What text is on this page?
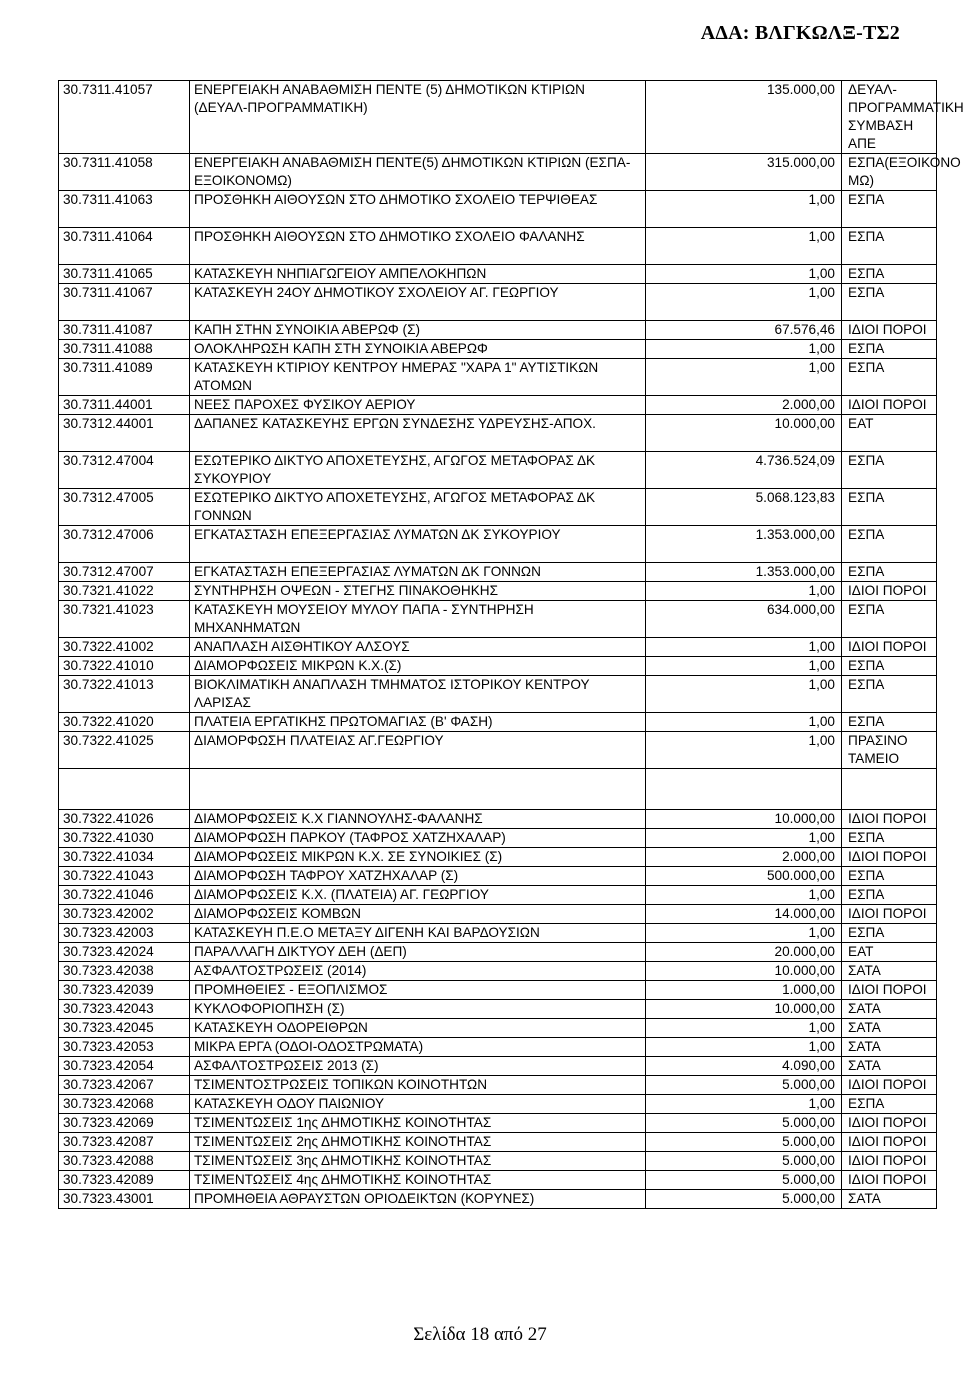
ΑΔΑ: ΒΛΓΚΩΛΞ-ΤΣ2
30.7311.41057	ΕΝΕΡΓΕΙΑΚΗ ΑΝΑΒΑΘΜΙΣΗ ΠΕΝΤΕ (5) ΔΗΜΟΤΙΚΩΝ ΚΤΙΡΙΩΝ (ΔΕΥΑΛ-ΠΡΟΓΡΑΜΜΑΤΙΚΗ)	135.000,00	ΔΕΥΑΛ-ΠΡΟΓΡΑΜΜΑΤΙΚΗ ΣΥΜΒΑΣΗ ΑΠΕ
30.7311.41058	ΕΝΕΡΓΕΙΑΚΗ ΑΝΑΒΑΘΜΙΣΗ ΠΕΝΤΕ(5) ΔΗΜΟΤΙΚΩΝ ΚΤΙΡΙΩΝ (ΕΣΠΑ-ΕΞΟΙΚΟΝΟΜΩ)	315.000,00	ΕΣΠΑ(ΕΞΟΙΚΟΝΟ ΜΩ)
30.7311.41063	ΠΡΟΣΘΗΚΗ ΑΙΘΟΥΣΩΝ ΣΤΟ ΔΗΜΟΤΙΚΟ ΣΧΟΛΕΙΟ ΤΕΡΨΙΘΕΑΣ	1,00	ΕΣΠΑ
30.7311.41064	ΠΡΟΣΘΗΚΗ ΑΙΘΟΥΣΩΝ ΣΤΟ ΔΗΜΟΤΙΚΟ ΣΧΟΛΕΙΟ ΦΑΛΑΝΗΣ	1,00	ΕΣΠΑ
30.7311.41065	ΚΑΤΑΣΚΕΥΗ ΝΗΠΙΑΓΩΓΕΙΟΥ ΑΜΠΕΛΟΚΗΠΩΝ	1,00	ΕΣΠΑ
30.7311.41067	ΚΑΤΑΣΚΕΥΗ 24ΟΥ ΔΗΜΟΤΙΚΟΥ ΣΧΟΛΕΙΟΥ ΑΓ. ΓΕΩΡΓΙΟΥ	1,00	ΕΣΠΑ
30.7311.41087	ΚΑΠΗ ΣΤΗΝ ΣΥΝΟΙΚΙΑ ΑΒΕΡΩΦ (Σ)	67.576,46	ΙΔΙΟΙ ΠΟΡΟΙ
30.7311.41088	ΟΛΟΚΛΗΡΩΣΗ ΚΑΠΗ ΣΤΗ ΣΥΝΟΙΚΙΑ ΑΒΕΡΩΦ	1,00	ΕΣΠΑ
30.7311.41089	ΚΑΤΑΣΚΕΥΗ ΚΤΙΡΙΟΥ ΚΕΝΤΡΟΥ ΗΜΕΡΑΣ "ΧΑΡΑ 1" ΑΥΤΙΣΤΙΚΩΝ ΑΤΟΜΩΝ	1,00	ΕΣΠΑ
30.7311.44001	ΝΕΕΣ ΠΑΡΟΧΕΣ ΦΥΣΙΚΟΥ ΑΕΡΙΟΥ	2.000,00	ΙΔΙΟΙ ΠΟΡΟΙ
30.7312.44001	ΔΑΠΑΝΕΣ ΚΑΤΑΣΚΕΥΗΣ ΕΡΓΩΝ ΣΥΝΔΕΣΗΣ ΥΔΡΕΥΣΗΣ-ΑΠΟΧ.	10.000,00	ΕΑΤ
30.7312.47004	ΕΣΩΤΕΡΙΚΟ ΔΙΚΤΥΟ ΑΠΟΧΕΤΕΥΣΗΣ, ΑΓΩΓΟΣ ΜΕΤΑΦΟΡΑΣ ΔΚ ΣΥΚΟΥΡΙΟΥ	4.736.524,09	ΕΣΠΑ
30.7312.47005	ΕΣΩΤΕΡΙΚΟ ΔΙΚΤΥΟ ΑΠΟΧΕΤΕΥΣΗΣ, ΑΓΩΓΟΣ ΜΕΤΑΦΟΡΑΣ ΔΚ ΓΟΝΝΩΝ	5.068.123,83	ΕΣΠΑ
30.7312.47006	ΕΓΚΑΤΑΣΤΑΣΗ ΕΠΕΞΕΡΓΑΣΙΑΣ ΛΥΜΑΤΩΝ ΔΚ ΣΥΚΟΥΡΙΟΥ	1.353.000,00	ΕΣΠΑ
30.7312.47007	ΕΓΚΑΤΑΣΤΑΣΗ ΕΠΕΞΕΡΓΑΣΙΑΣ ΛΥΜΑΤΩΝ ΔΚ ΓΟΝΝΩΝ	1.353.000,00	ΕΣΠΑ
30.7321.41022	ΣΥΝΤΗΡΗΣΗ ΟΨΕΩΝ - ΣΤΕΓΗΣ ΠΙΝΑΚΟΘΗΚΗΣ	1,00	ΙΔΙΟΙ ΠΟΡΟΙ
30.7321.41023	ΚΑΤΑΣΚΕΥΗ ΜΟΥΣΕΙΟΥ ΜΥΛΟΥ ΠΑΠΑ - ΣΥΝΤΗΡΗΣΗ ΜΗΧΑΝΗΜΑΤΩΝ	634.000,00	ΕΣΠΑ
30.7322.41002	ΑΝΑΠΛΑΣΗ ΑΙΣΘΗΤΙΚΟΥ ΑΛΣΟΥΣ	1,00	ΙΔΙΟΙ ΠΟΡΟΙ
30.7322.41010	ΔΙΑΜΟΡΦΩΣΕΙΣ ΜΙΚΡΩΝ Κ.Χ.(Σ)	1,00	ΕΣΠΑ
30.7322.41013	ΒΙΟΚΛΙΜΑΤΙΚΗ ΑΝΑΠΛΑΣΗ ΤΜΗΜΑΤΟΣ ΙΣΤΟΡΙΚΟΥ ΚΕΝΤΡΟΥ ΛΑΡΙΣΑΣ	1,00	ΕΣΠΑ
30.7322.41020	ΠΛΑΤΕΙΑ ΕΡΓΑΤΙΚΗΣ ΠΡΩΤΟΜΑΓΙΑΣ (Β' ΦΑΣΗ)	1,00	ΕΣΠΑ
30.7322.41025	ΔΙΑΜΟΡΦΩΣΗ ΠΛΑΤΕΙΑΣ ΑΓ.ΓΕΩΡΓΙΟΥ	1,00	ΠΡΑΣΙΝΟ ΤΑΜΕΙΟ

30.7322.41026	ΔΙΑΜΟΡΦΩΣΕΙΣ Κ.Χ ΓΙΑΝΝΟΥΛΗΣ-ΦΑΛΑΝΗΣ	10.000,00	ΙΔΙΟΙ ΠΟΡΟΙ
30.7322.41030	ΔΙΑΜΟΡΦΩΣΗ ΠΑΡΚΟΥ (ΤΑΦΡΟΣ ΧΑΤΖΗΧΑΛΑΡ)	1,00	ΕΣΠΑ
30.7322.41034	ΔΙΑΜΟΡΦΩΣΕΙΣ ΜΙΚΡΩΝ Κ.Χ. ΣΕ ΣΥΝΟΙΚΙΕΣ (Σ)	2.000,00	ΙΔΙΟΙ ΠΟΡΟΙ
30.7322.41043	ΔΙΑΜΟΡΦΩΣΗ ΤΑΦΡΟΥ ΧΑΤΖΗΧΑΛΑΡ (Σ)	500.000,00	ΕΣΠΑ
30.7322.41046	ΔΙΑΜΟΡΦΩΣΕΙΣ Κ.Χ. (ΠΛΑΤΕΙΑ) ΑΓ. ΓΕΩΡΓΙΟΥ	1,00	ΕΣΠΑ
30.7323.42002	ΔΙΑΜΟΡΦΩΣΕΙΣ ΚΟΜΒΩΝ	14.000,00	ΙΔΙΟΙ ΠΟΡΟΙ
30.7323.42003	ΚΑΤΑΣΚΕΥΗ Π.Ε.Ο ΜΕΤΑΞΥ ΔΙΓΕΝΗ ΚΑΙ ΒΑΡΔΟΥΣΙΩΝ	1,00	ΕΣΠΑ
30.7323.42024	ΠΑΡΑΛΛΑΓΗ ΔΙΚΤΥΟΥ ΔΕΗ (ΔΕΠ)	20.000,00	ΕΑΤ
30.7323.42038	ΑΣΦΑΛΤΟΣΤΡΩΣΕΙΣ (2014)	10.000,00	ΣΑΤΑ
30.7323.42039	ΠΡΟΜΗΘΕΙΕΣ - ΕΞΟΠΛΙΣΜΟΣ	1.000,00	ΙΔΙΟΙ ΠΟΡΟΙ
30.7323.42043	ΚΥΚΛΟΦΟΡΙΟΠΗΣΗ (Σ)	10.000,00	ΣΑΤΑ
30.7323.42045	ΚΑΤΑΣΚΕΥΗ ΟΔΟΡΕΙΘΡΩΝ	1,00	ΣΑΤΑ
30.7323.42053	ΜΙΚΡΑ ΕΡΓΑ (ΟΔΟΙ-ΟΔΟΣΤΡΩΜΑΤΑ)	1,00	ΣΑΤΑ
30.7323.42054	ΑΣΦΑΛΤΟΣΤΡΩΣΕΙΣ 2013 (Σ)	4.090,00	ΣΑΤΑ
30.7323.42067	ΤΣΙΜΕΝΤΟΣΤΡΩΣΕΙΣ ΤΟΠΙΚΩΝ ΚΟΙΝΟΤΗΤΩΝ	5.000,00	ΙΔΙΟΙ ΠΟΡΟΙ
30.7323.42068	ΚΑΤΑΣΚΕΥΗ ΟΔΟΥ ΠΑΙΩΝΙΟΥ	1,00	ΕΣΠΑ
30.7323.42069	ΤΣΙΜΕΝΤΩΣΕΙΣ 1ης ΔΗΜΟΤΙΚΗΣ ΚΟΙΝΟΤΗΤΑΣ	5.000,00	ΙΔΙΟΙ ΠΟΡΟΙ
30.7323.42087	ΤΣΙΜΕΝΤΩΣΕΙΣ 2ης ΔΗΜΟΤΙΚΗΣ ΚΟΙΝΟΤΗΤΑΣ	5.000,00	ΙΔΙΟΙ ΠΟΡΟΙ
30.7323.42088	ΤΣΙΜΕΝΤΩΣΕΙΣ 3ης ΔΗΜΟΤΙΚΗΣ ΚΟΙΝΟΤΗΤΑΣ	5.000,00	ΙΔΙΟΙ ΠΟΡΟΙ
30.7323.42089	ΤΣΙΜΕΝΤΩΣΕΙΣ 4ης ΔΗΜΟΤΙΚΗΣ ΚΟΙΝΟΤΗΤΑΣ	5.000,00	ΙΔΙΟΙ ΠΟΡΟΙ
30.7323.43001	ΠΡΟΜΗΘΕΙΑ ΑΘΡΑΥΣΤΩΝ ΟΡΙΟΔΕΙΚΤΩΝ (ΚΟΡΥΝΕΣ)	5.000,00	ΣΑΤΑ
Σελίδα 18 από 27
